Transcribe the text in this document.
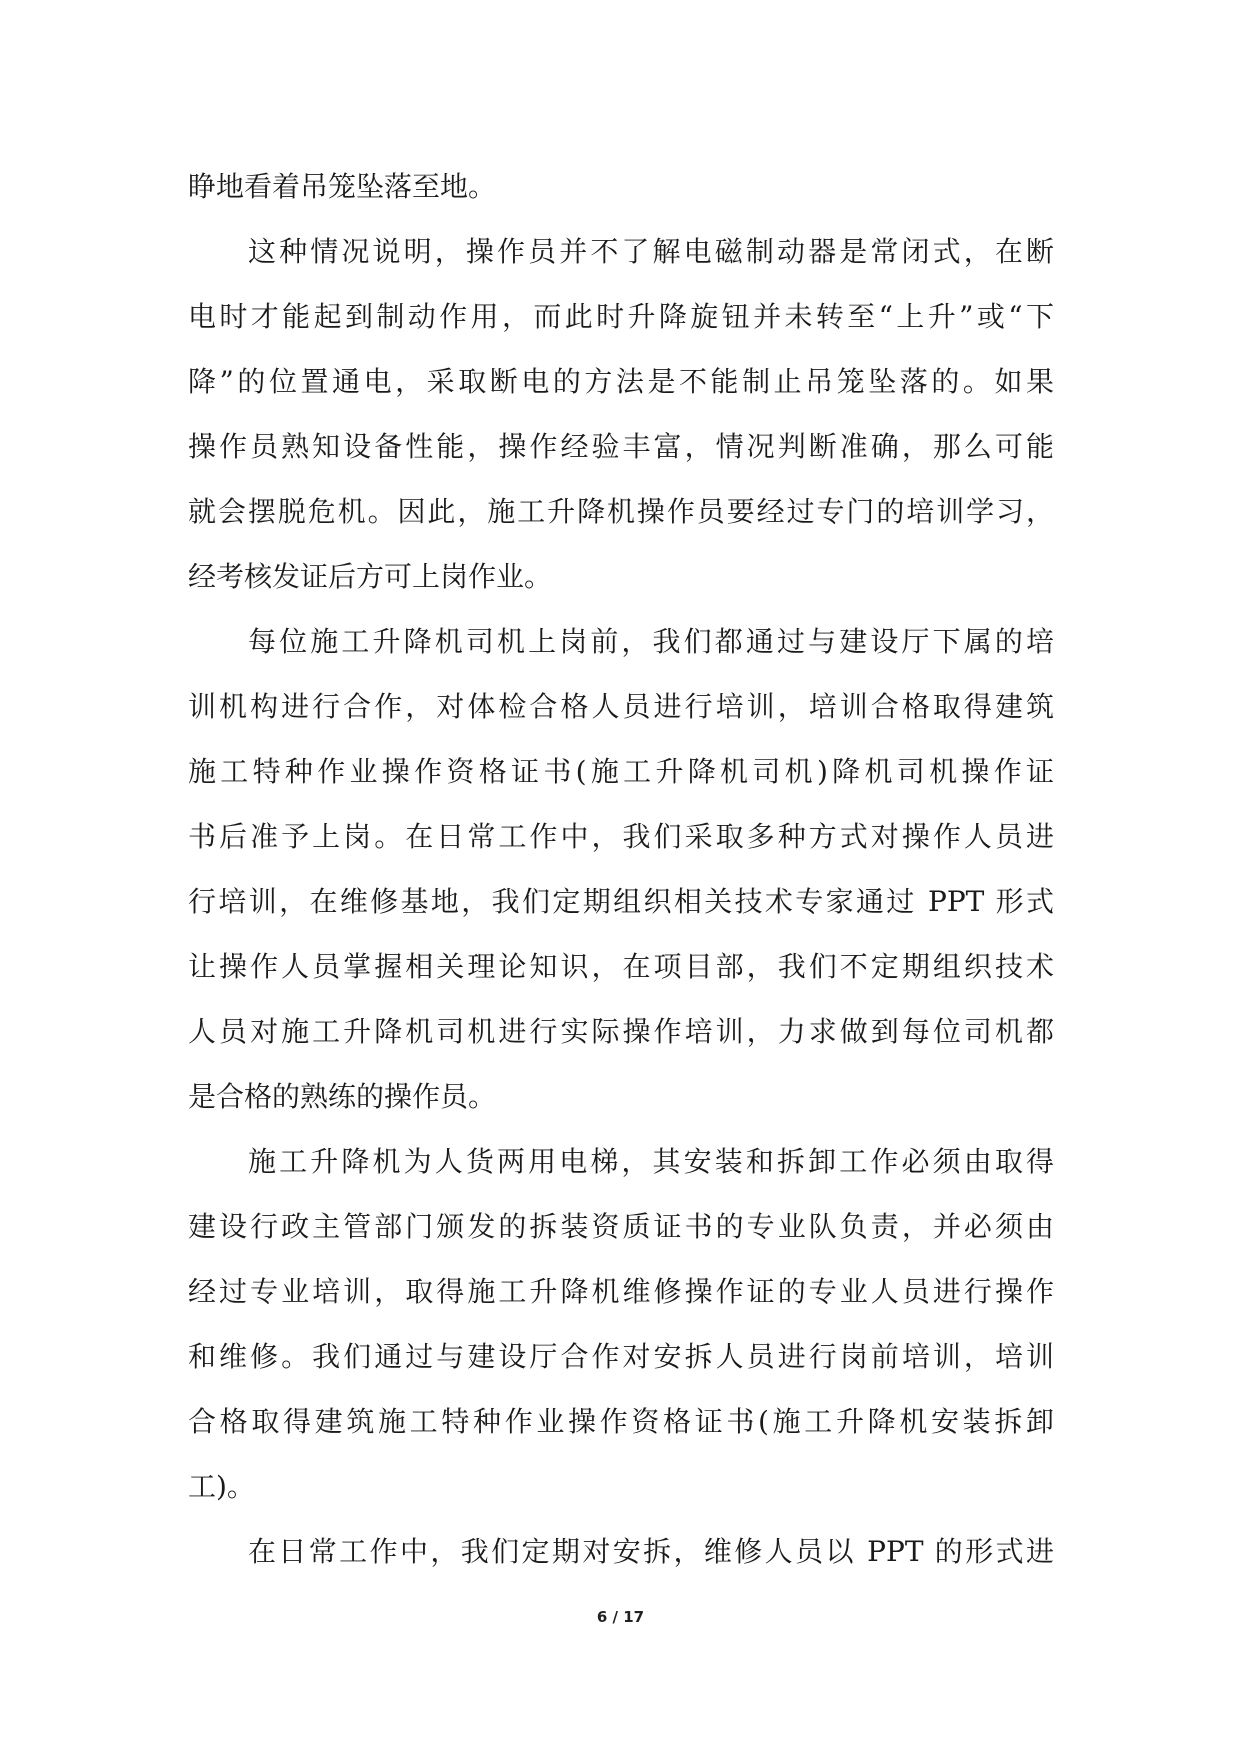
睁地看着吊笼坠落至地。
这种情况说明，操作员并不了解电磁制动器是常闭式，在断
电时才能起到制动作用，而此时升降旋钮并未转至“上升”或“下
降”的位置通电，采取断电的方法是不能制止吊笼坠落的。如果
操作员熟知设备性能，操作经验丰富，情况判断准确，那么可能
就会摆脱危机。因此，施工升降机操作员要经过专门的培训学习，
经考核发证后方可上岗作业。
每位施工升降机司机上岗前，我们都通过与建设厅下属的培
训机构进行合作，对体检合格人员进行培训，培训合格取得建筑
施工特种作业操作资格证书(施工升降机司机)降机司机操作证
书后准予上岗。在日常工作中，我们采取多种方式对操作人员进
行培训，在维修基地，我们定期组织相关技术专家通过 PPT 形式
让操作人员掌握相关理论知识，在项目部，我们不定期组织技术
人员对施工升降机司机进行实际操作培训，力求做到每位司机都
是合格的熟练的操作员。
施工升降机为人货两用电梯，其安装和拆卸工作必须由取得
建设行政主管部门颁发的拆装资质证书的专业队负责，并必须由
经过专业培训，取得施工升降机维修操作证的专业人员进行操作
和维修。我们通过与建设厅合作对安拆人员进行岗前培训，培训
合格取得建筑施工特种作业操作资格证书(施工升降机安装拆卸
工)。
在日常工作中，我们定期对安拆，维修人员以 PPT 的形式进
6 / 17
